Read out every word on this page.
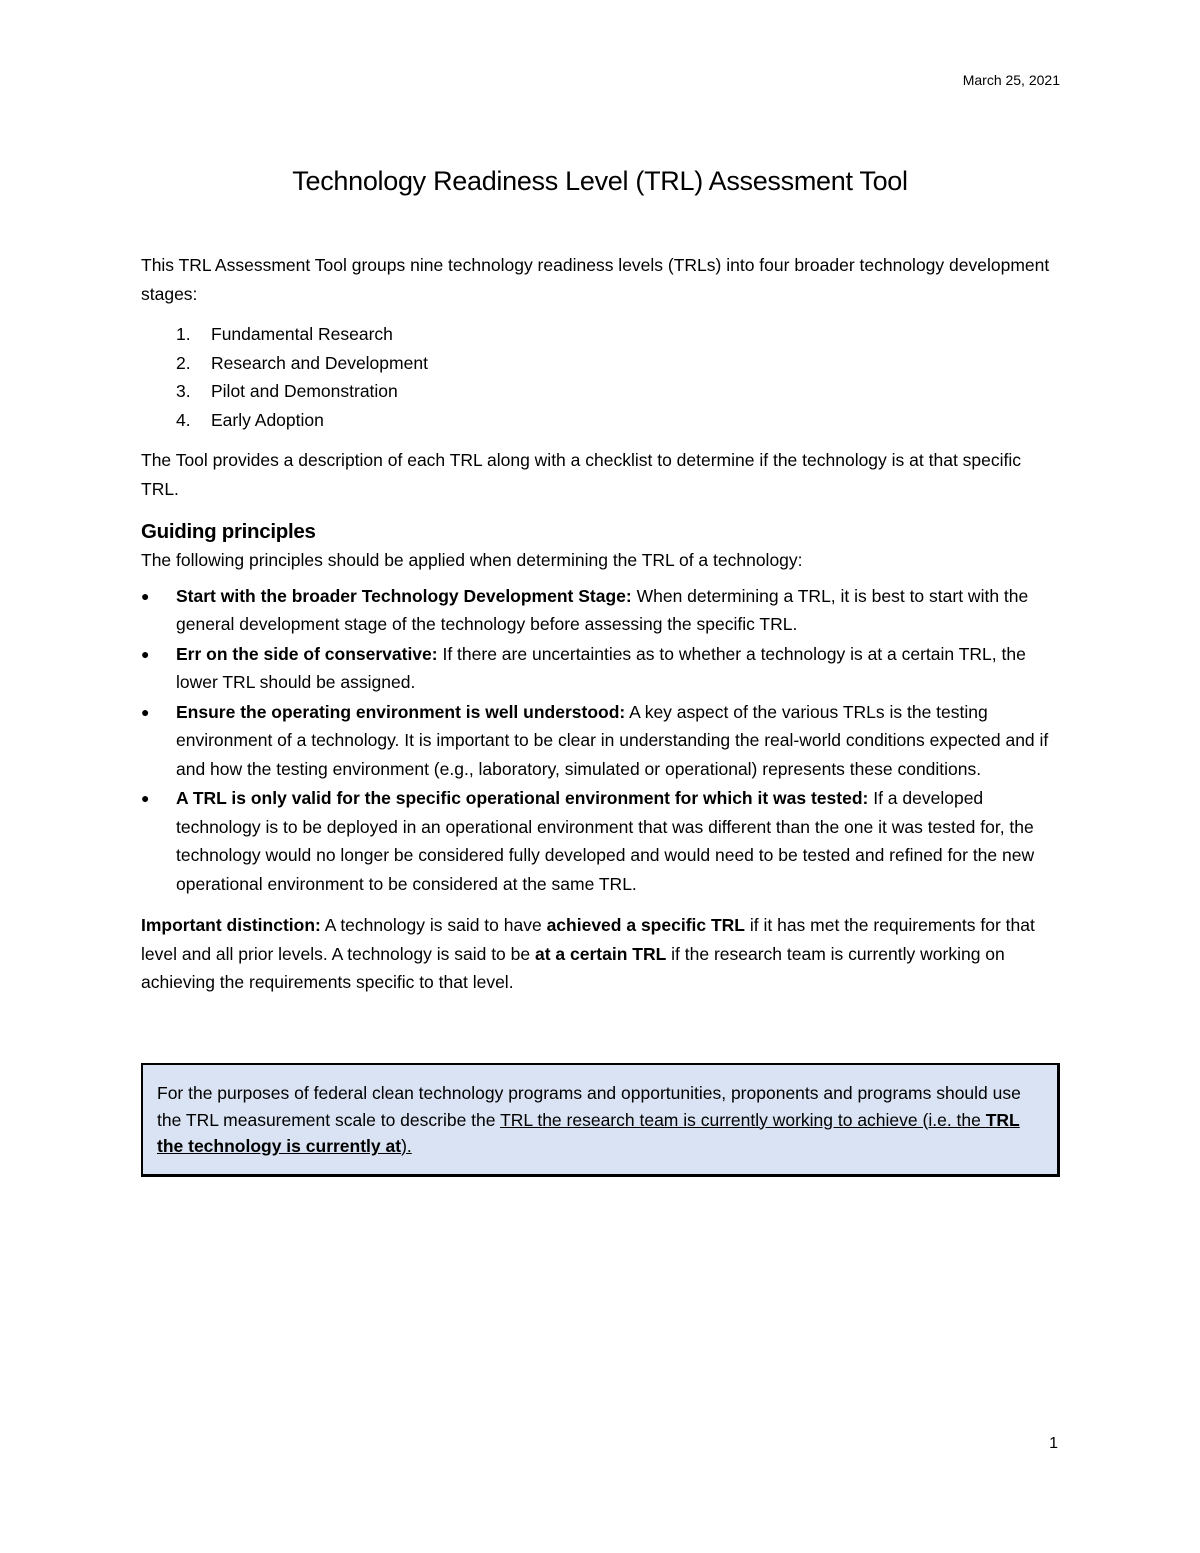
March 25, 2021
Technology Readiness Level (TRL) Assessment Tool

This TRL Assessment Tool groups nine technology readiness levels (TRLs) into four broader technology development stages:

1. Fundamental Research
2. Research and Development
3. Pilot and Demonstration
4. Early Adoption

The Tool provides a description of each TRL along with a checklist to determine if the technology is at that specific TRL.

Guiding principles

The following principles should be applied when determining the TRL of a technology:

● Start with the broader Technology Development Stage: When determining a TRL, it is best to start with the general development stage of the technology before assessing the specific TRL.
● Err on the side of conservative: If there are uncertainties as to whether a technology is at a certain TRL, the lower TRL should be assigned.
● Ensure the operating environment is well understood: A key aspect of the various TRLs is the testing environment of a technology. It is important to be clear in understanding the real-world conditions expected and if and how the testing environment (e.g., laboratory, simulated or operational) represents these conditions.
● A TRL is only valid for the specific operational environment for which it was tested: If a developed technology is to be deployed in an operational environment that was different than the one it was tested for, the technology would no longer be considered fully developed and would need to be tested and refined for the new operational environment to be considered at the same TRL.

Important distinction: A technology is said to have achieved a specific TRL if it has met the requirements for that level and all prior levels. A technology is said to be at a certain TRL if the research team is currently working on achieving the requirements specific to that level.

For the purposes of federal clean technology programs and opportunities, proponents and programs should use the TRL measurement scale to describe the TRL the research team is currently working to achieve (i.e. the TRL the technology is currently at).
1
